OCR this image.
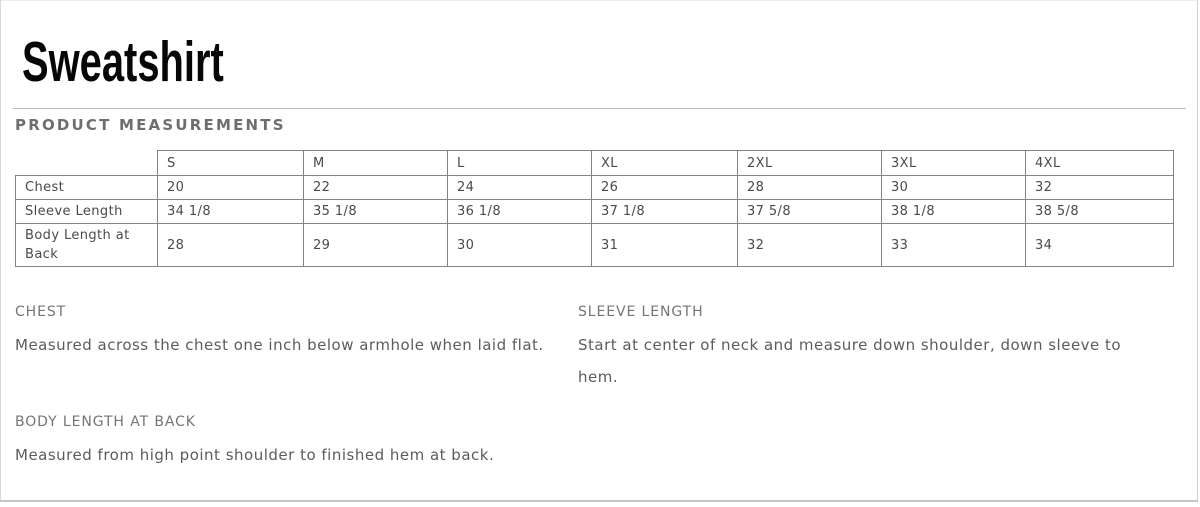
Sweatshirt
PRODUCT MEASUREMENTS
	S	M	L	XL	2XL	3XL	4XL
Chest	20	22	24	26	28	30	32
Sleeve Length	34 1/8	35 1/8	36 1/8	37 1/8	37 5/8	38 1/8	38 5/8
Body Length at Back	28	29	30	31	32	33	34
CHEST

Measured across the chest one inch below armhole when laid flat.

SLEEVE LENGTH

Start at center of neck and measure down shoulder, down sleeve to hem.

BODY LENGTH AT BACK

Measured from high point shoulder to finished hem at back.
